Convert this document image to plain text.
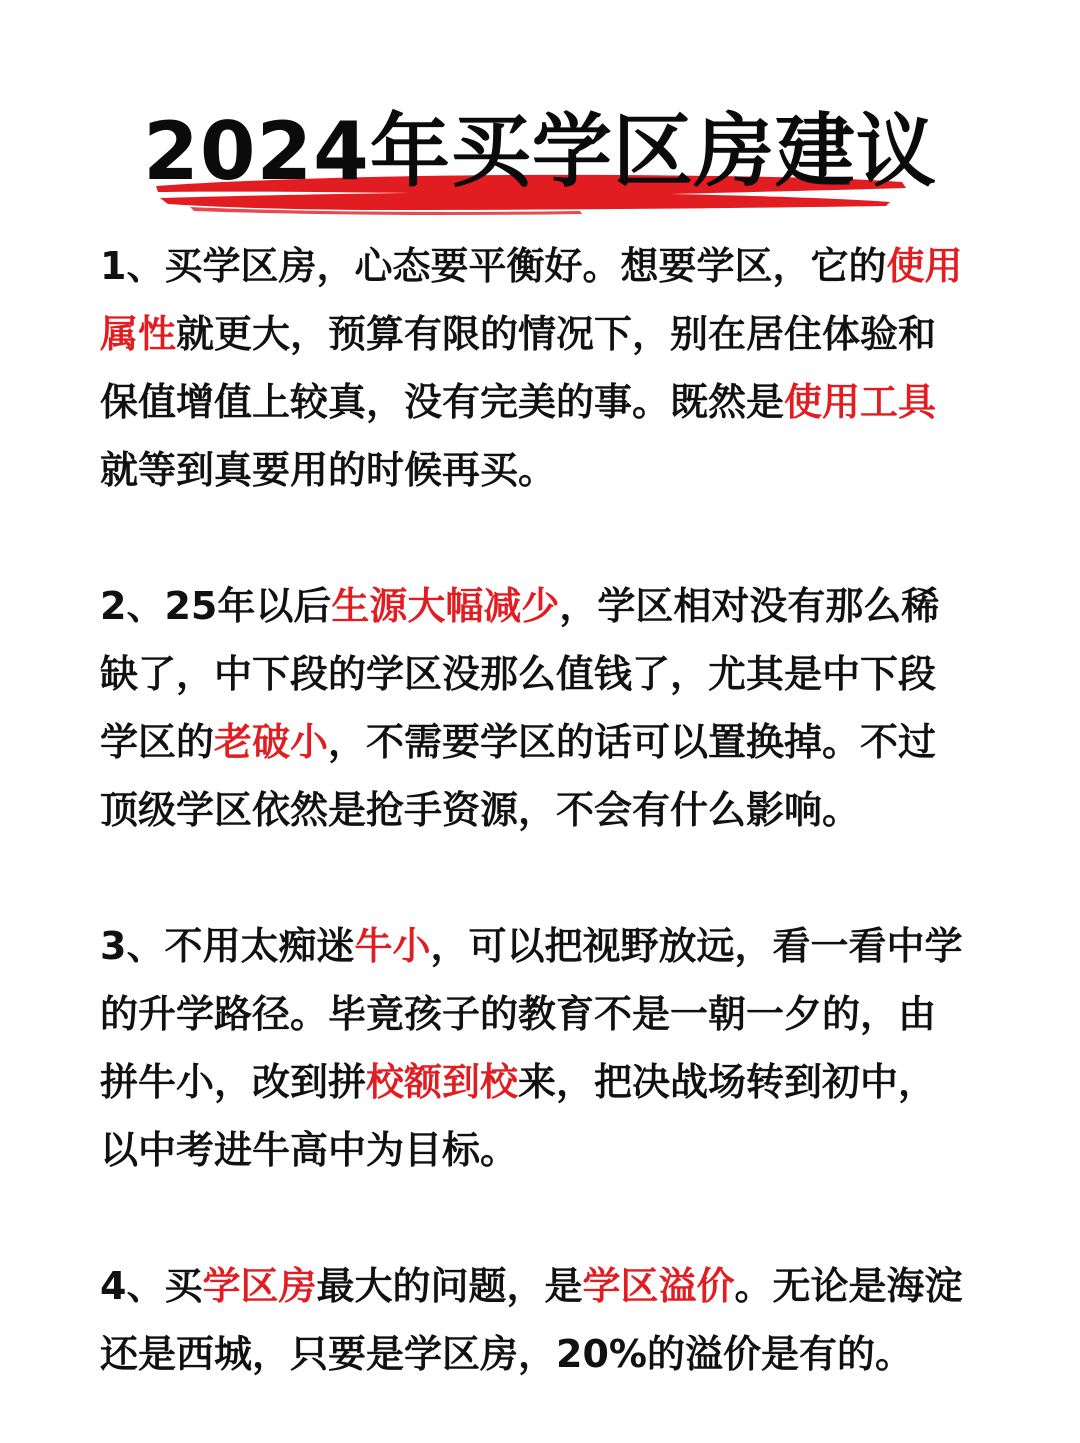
2024年买学区房建议

1、买学区房，心态要平衡好。想要学区，它的使用
属性就更大，预算有限的情况下，别在居住体验和
保值增值上较真，没有完美的事。既然是使用工具
就等到真要用的时候再买。

2、25年以后生源大幅减少，学区相对没有那么稀
缺了，中下段的学区没那么值钱了，尤其是中下段
学区的老破小，不需要学区的话可以置换掉。不过
顶级学区依然是抢手资源，不会有什么影响。

3、不用太痴迷牛小，可以把视野放远，看一看中学
的升学路径。毕竟孩子的教育不是一朝一夕的，由
拼牛小，改到拼校额到校来，把决战场转到初中，
以中考进牛高中为目标。

4、买学区房最大的问题，是学区溢价。无论是海淀
还是西城，只要是学区房，20%的溢价是有的。
